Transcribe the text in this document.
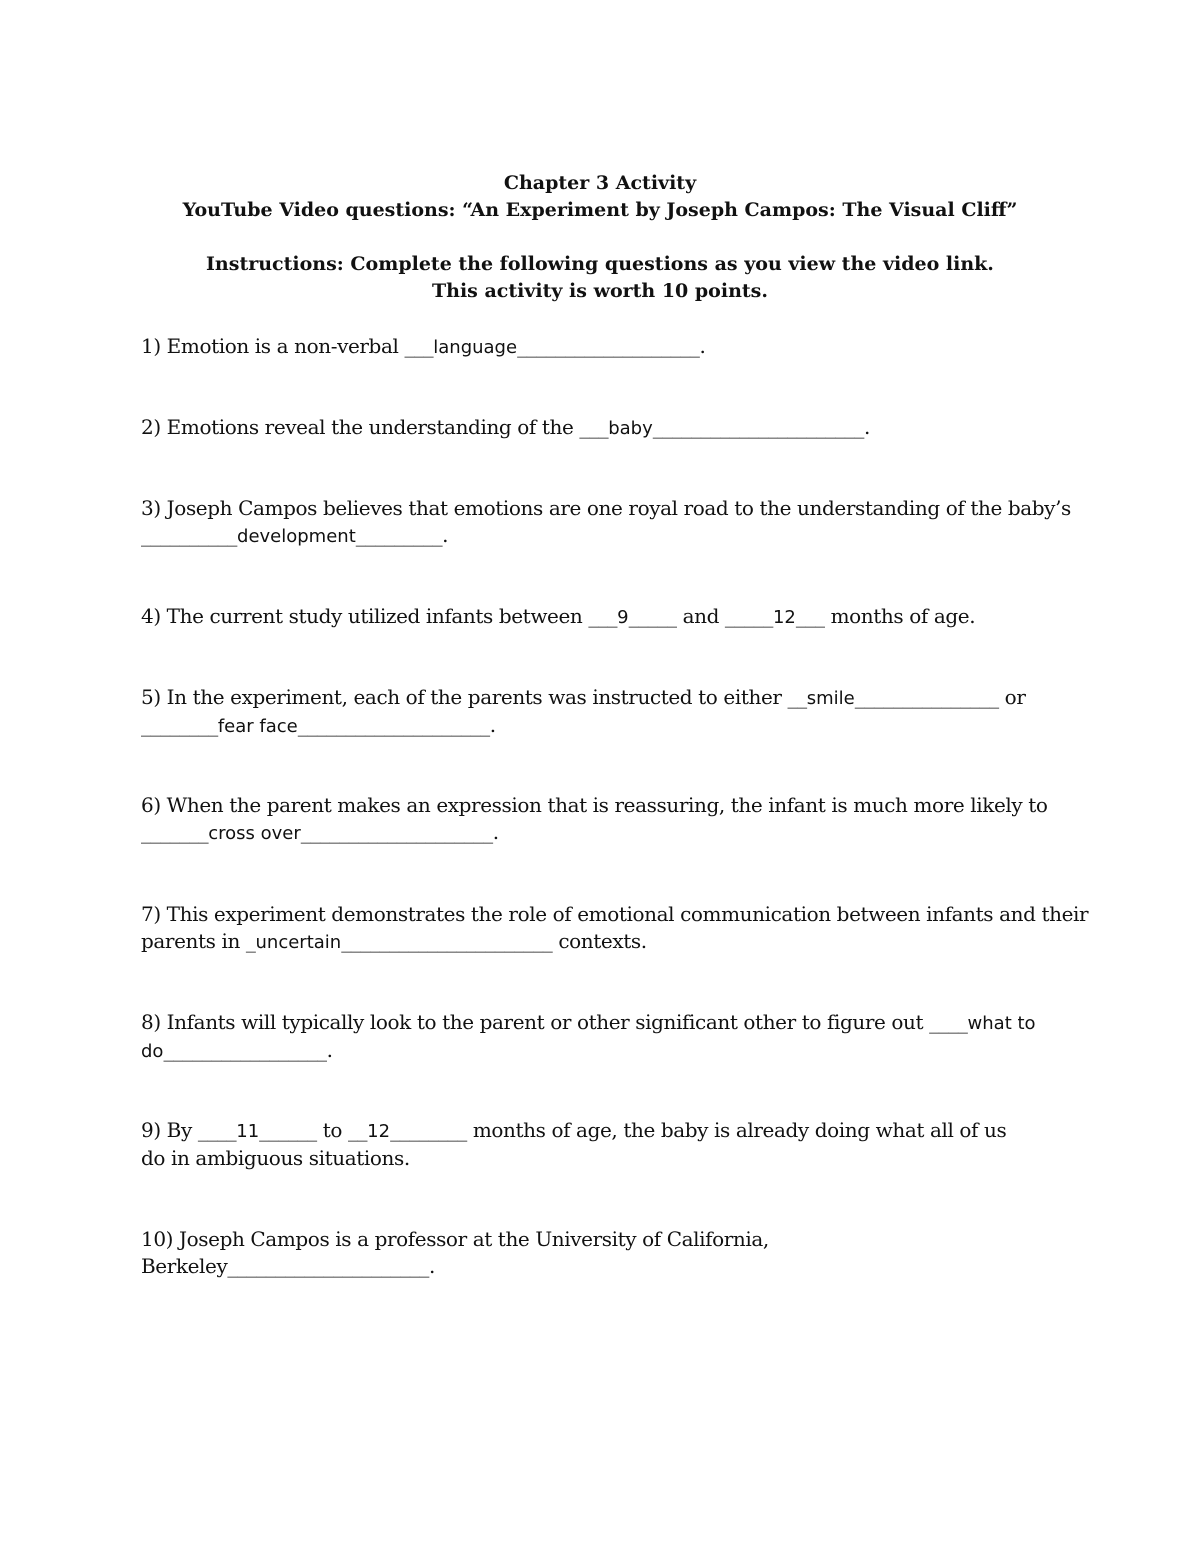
Chapter 3 Activity
YouTube Video questions: “An Experiment by Joseph Campos: The Visual Cliff”
Instructions: Complete the following questions as you view the video link.
This activity is worth 10 points.
1) Emotion is a non-verbal ___language___________________.
2) Emotions reveal the understanding of the ___baby______________________.
3) Joseph Campos believes that emotions are one royal road to the understanding of the baby’s
__________development_________.
4) The current study utilized infants between ___9_____ and _____12___ months of age.
5) In the experiment, each of the parents was instructed to either __smile_______________ or
________fear face____________________.
6) When the parent makes an expression that is reassuring, the infant is much more likely to
_______cross over____________________.
7) This experiment demonstrates the role of emotional communication between infants and their
parents in _uncertain______________________ contexts.
8) Infants will typically look to the parent or other significant other to figure out ____what to
do_________________.
9) By ____11______ to __12________ months of age, the baby is already doing what all of us
do in ambiguous situations.
10) Joseph Campos is a professor at the University of California,
Berkeley_____________________.
